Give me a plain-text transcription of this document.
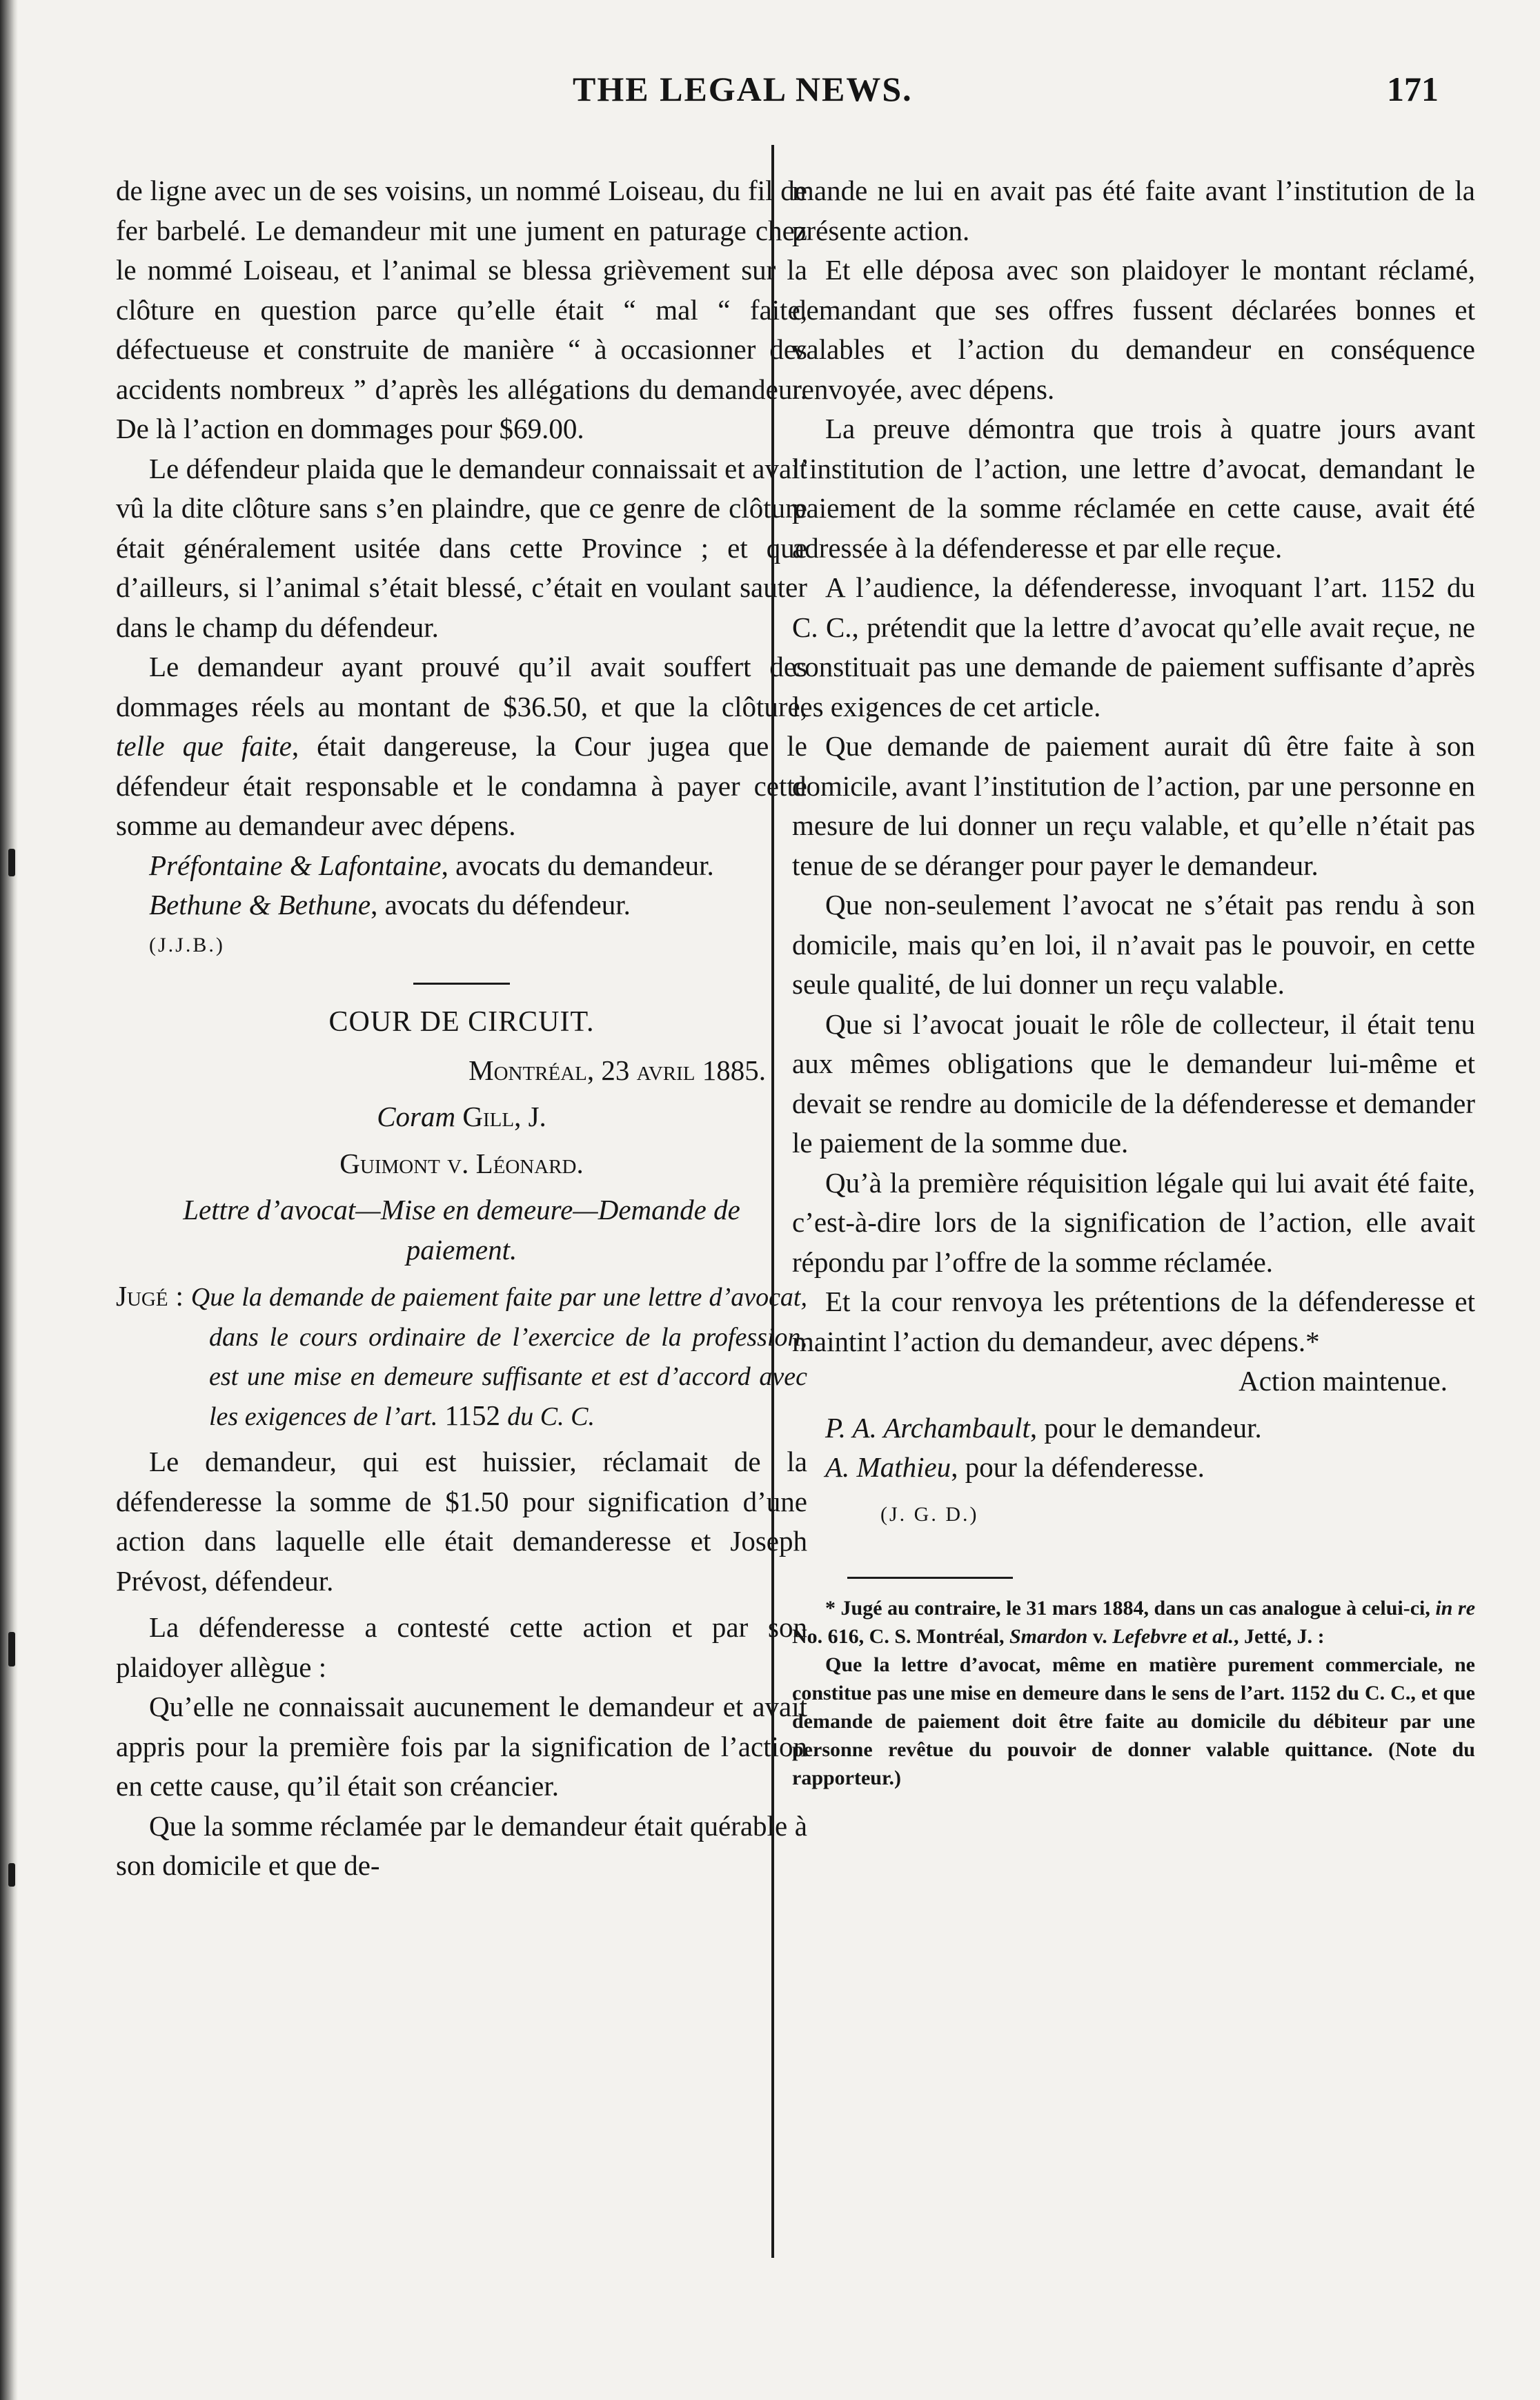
THE LEGAL NEWS.	171

de ligne avec un de ses voisins, un nommé Loiseau, du fil de fer barbelé. Le demandeur mit une jument en paturage chez le nommé Loiseau, et l’animal se blessa grièvement sur la clôture en question parce qu’elle était “ mal “ faite, défectueuse et construite de manière “ à occasionner des accidents nombreux ” d’après les allégations du demandeur. De là l’action en dommages pour $69.00.

Le défendeur plaida que le demandeur connaissait et avait vû la dite clôture sans s’en plaindre, que ce genre de clôture était généralement usitée dans cette Province ; et que d’ailleurs, si l’animal s’était blessé, c’était en voulant sauter dans le champ du défendeur.

Le demandeur ayant prouvé qu’il avait souffert des dommages réels au montant de $36.50, et que la clôture, telle que faite, était dangereuse, la Cour jugea que le défendeur était responsable et le condamna à payer cette somme au demandeur avec dépens.

Préfontaine & Lafontaine, avocats du demandeur.

Bethune & Bethune, avocats du défendeur.

(J.J.B.)

COUR DE CIRCUIT.

Montréal, 23 avril 1885.

Coram Gill, J.

Guimont v. Léonard.

Lettre d’avocat—Mise en demeure—Demande de paiement.

Jugé : Que la demande de paiement faite par une lettre d’avocat, dans le cours ordinaire de l’exercice de la profession, est une mise en demeure suffisante et est d’accord avec les exigences de l’art. 1152 du C. C.

Le demandeur, qui est huissier, réclamait de la défenderesse la somme de $1.50 pour signification d’une action dans laquelle elle était demanderesse et Joseph Prévost, défendeur.

La défenderesse a contesté cette action et par son plaidoyer allègue :

Qu’elle ne connaissait aucunement le demandeur et avait appris pour la première fois par la signification de l’action en cette cause, qu’il était son créancier.

Que la somme réclamée par le demandeur était quérable à son domicile et que de-

mande ne lui en avait pas été faite avant l’institution de la présente action.

Et elle déposa avec son plaidoyer le montant réclamé, demandant que ses offres fussent déclarées bonnes et valables et l’action du demandeur en conséquence renvoyée, avec dépens.

La preuve démontra que trois à quatre jours avant l’institution de l’action, une lettre d’avocat, demandant le paiement de la somme réclamée en cette cause, avait été adressée à la défenderesse et par elle reçue.

A l’audience, la défenderesse, invoquant l’art. 1152 du C. C., prétendit que la lettre d’avocat qu’elle avait reçue, ne constituait pas une demande de paiement suffisante d’après les exigences de cet article.

Que demande de paiement aurait dû être faite à son domicile, avant l’institution de l’action, par une personne en mesure de lui donner un reçu valable, et qu’elle n’était pas tenue de se déranger pour payer le demandeur.

Que non-seulement l’avocat ne s’était pas rendu à son domicile, mais qu’en loi, il n’avait pas le pouvoir, en cette seule qualité, de lui donner un reçu valable.

Que si l’avocat jouait le rôle de collecteur, il était tenu aux mêmes obligations que le demandeur lui-même et devait se rendre au domicile de la défenderesse et demander le paiement de la somme due.

Qu’à la première réquisition légale qui lui avait été faite, c’est-à-dire lors de la signification de l’action, elle avait répondu par l’offre de la somme réclamée.

Et la cour renvoya les prétentions de la défenderesse et maintint l’action du demandeur, avec dépens.*

Action maintenue.

P. A. Archambault, pour le demandeur.

A. Mathieu, pour la défenderesse.

(J. G. D.)

* Jugé au contraire, le 31 mars 1884, dans un cas analogue à celui-ci, in re No. 616, C. S. Montréal, Smardon v. Lefebvre et al., Jetté, J. :

Que la lettre d’avocat, même en matière purement commerciale, ne constitue pas une mise en demeure dans le sens de l’art. 1152 du C. C., et que demande de paiement doit être faite au domicile du débiteur par une personne revêtue du pouvoir de donner valable quittance. (Note du rapporteur.)
